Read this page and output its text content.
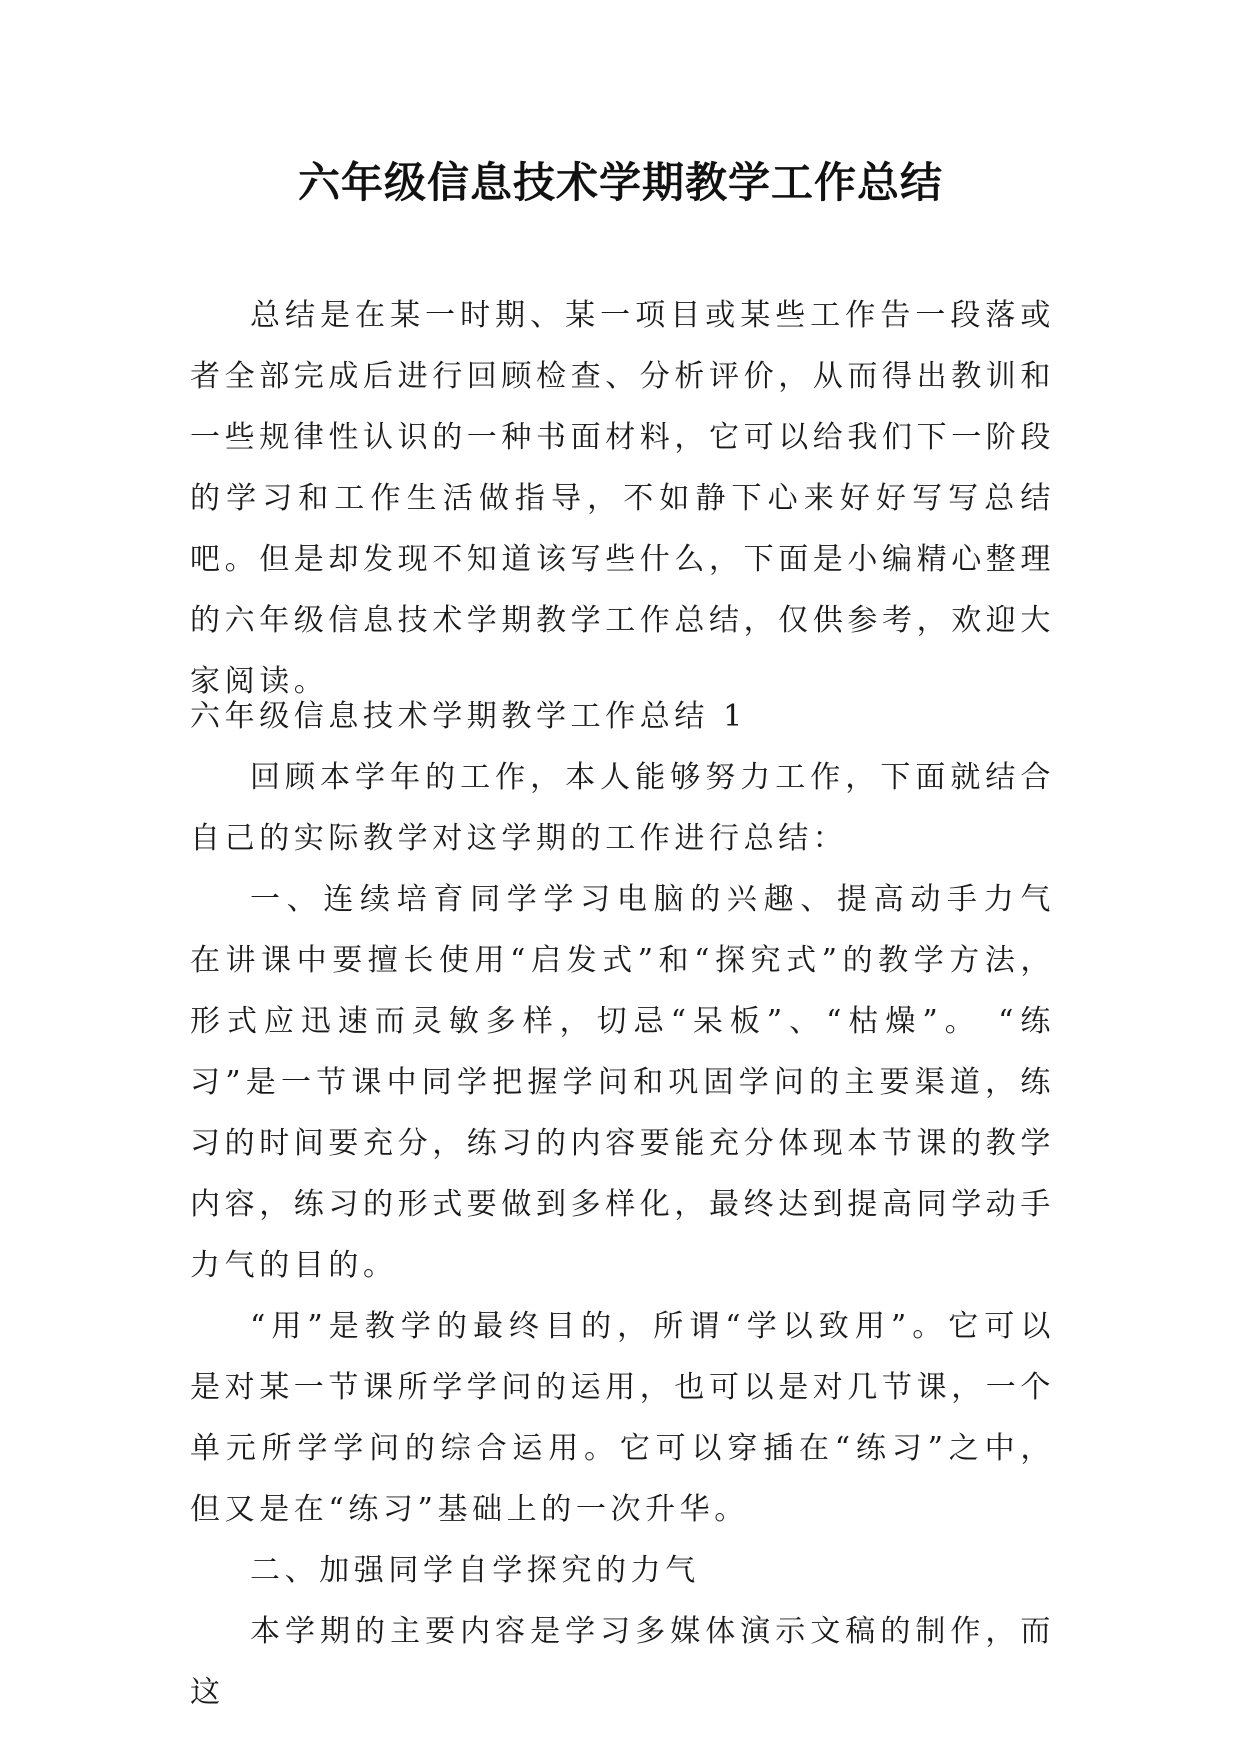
六年级信息技术学期教学工作总结

总结是在某一时期、某一项目或某些工作告一段落或者全部完成后进行回顾检查、分析评价，从而得出教训和一些规律性认识的一种书面材料，它可以给我们下一阶段的学习和工作生活做指导，不如静下心来好好写写总结吧。但是却发现不知道该写些什么，下面是小编精心整理的六年级信息技术学期教学工作总结，仅供参考，欢迎大家阅读。

六年级信息技术学期教学工作总结 1

回顾本学年的工作，本人能够努力工作，下面就结合自己的实际教学对这学期的工作进行总结：

一、连续培育同学学习电脑的兴趣、提高动手力气 在讲课中要擅长使用“启发式”和“探究式”的教学方法，形式应迅速而灵敏多样，切忌“呆板”、“枯燥”。 “练习”是一节课中同学把握学问和巩固学问的主要渠道，练习的时间要充分，练习的内容要能充分体现本节课的教学内容，练习的形式要做到多样化，最终达到提高同学动手力气的目的。

“用”是教学的最终目的，所谓“学以致用”。它可以是对某一节课所学学问的运用，也可以是对几节课，一个单元所学学问的综合运用。它可以穿插在“练习”之中，但又是在“练习”基础上的一次升华。

二、加强同学自学探究的力气

本学期的主要内容是学习多媒体演示文稿的制作，而这
